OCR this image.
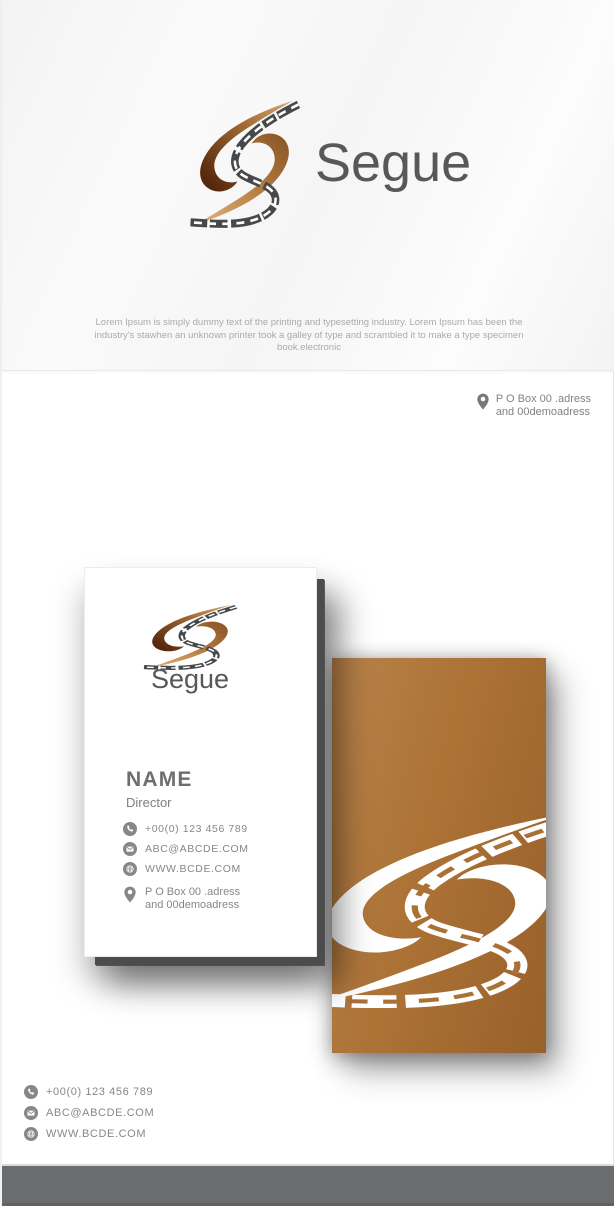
Segue
Lorem Ipsum is simply dummy text of the printing and typesetting industry. Lorem Ipsum has been the
industry's stawhen an unknown printer took a galley of type and scrambled it to make a type specimen
book.electronic
P O Box 00 .adress
and 00demoadress
Segue
NAME
Director
+00(0) 123 456 789
ABC@ABCDE.COM
WWW.BCDE.COM
P O Box 00 .adress
and 00demoadress
+00(0) 123 456 789
ABC@ABCDE.COM
WWW.BCDE.COM
